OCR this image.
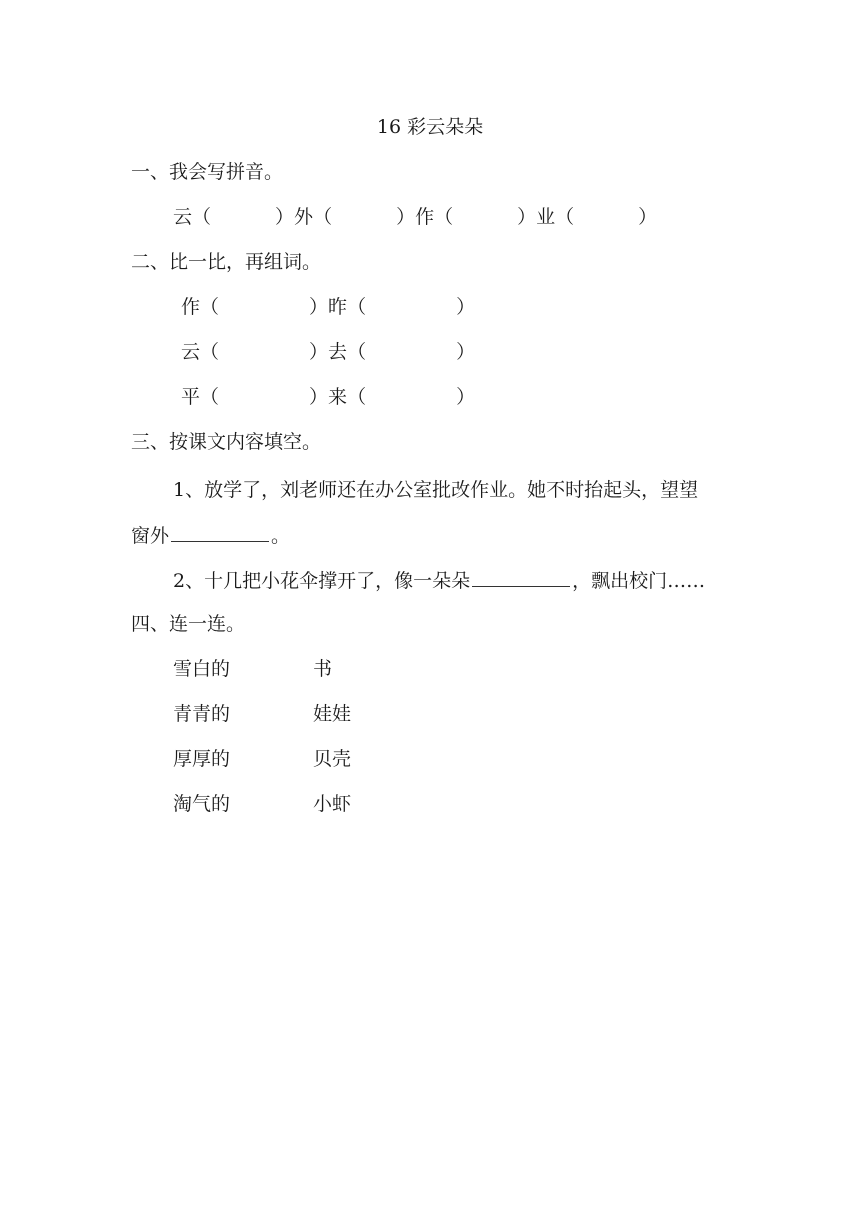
16 彩云朵朵
一、我会写拼音。
云（	）外（	）作（	）业（	）
二、比一比，再组词。
作（	）昨（	）
云（	）去（	）
平（	）来（	）
三、按课文内容填空。
1、放学了，刘老师还在办公室批改作业。她不时抬起头，望望
窗外	。
2、十几把小花伞撑开了，像一朵朵	，飘出校门……
四、连一连。
雪白的	书
青青的	娃娃
厚厚的	贝壳
淘气的	小虾
